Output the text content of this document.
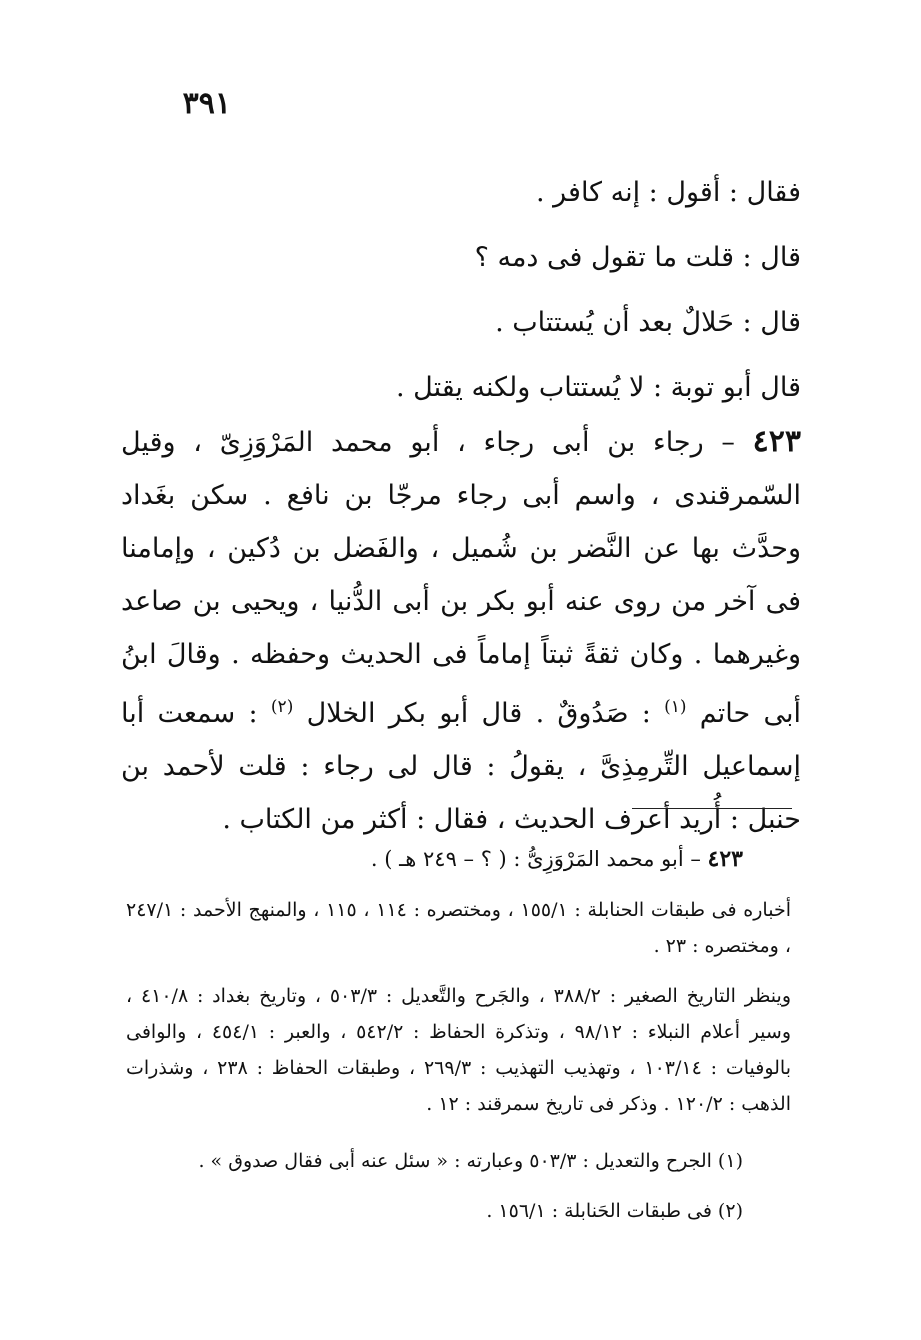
٣٩١

فقال : أقول : إنه كافر .

قال : قلت ما تقول فى دمه ؟

قال : حَلالٌ بعد أن يُستتاب .

قال أبو توبة : لا يُستتاب ولكنه يقتل .

٤٢٣ – رجاء بن أبى رجاء ، أبو محمد المَرْوَزِىّ ، وقيل السّمرقندى ، واسم أبى رجاء مرجّا بن نافع . سكن بغَداد وحدَّث بها عن النَّضر بن شُميل ، والفَضل بن دُكين ، وإمامنا فى آخر من روى عنه أبو بكر بن أبى الدُّنيا ، ويحيى بن صاعد وغيرهما . وكان ثقةً ثبتاً إماماً فى الحديث وحفظه . وقالَ ابنُ أبى حاتم $^{(١)}$ : صَدُوقٌ . قال أبو بكر الخلال $^{(٢)}$ : سمعت أبا إسماعيل التِّرمِذِىَّ ، يقولُ : قال لى رجاء : قلت لأحمد بن حنبل : أُريد أعرف الحديث ، فقال : أكثر من الكتاب .

٤٢٣ – أبو محمد المَرْوَزِىُّ : ( ؟ – ٢٤٩ هـ ) .

أخباره فى طبقات الحنابلة : ١٥٥/١ ، ومختصره : ١١٤ ، ١١٥ ، والمنهج الأحمد : ٢٤٧/١ ، ومختصره : ٢٣ .

وينظر التاريخ الصغير : ٣٨٨/٢ ، والجَرح والتَّعديل : ٥٠٣/٣ ، وتاريخ بغداد : ٤١٠/٨ ، وسير أعلام النبلاء : ٩٨/١٢ ، وتذكرة الحفاظ : ٥٤٢/٢ ، والعبر : ٤٥٤/١ ، والوافى بالوفيات : ١٠٣/١٤ ، وتهذيب التهذيب : ٢٦٩/٣ ، وطبقات الحفاظ : ٢٣٨ ، وشذرات الذهب : ١٢٠/٢ . وذكر فى تاريخ سمرقند : ١٢ .

(١) الجرح والتعديل : ٥٠٣/٣ وعبارته : « سئل عنه أبى فقال صدوق » .

(٢) فى طبقات الحَنابلة : ١٥٦/١ .
